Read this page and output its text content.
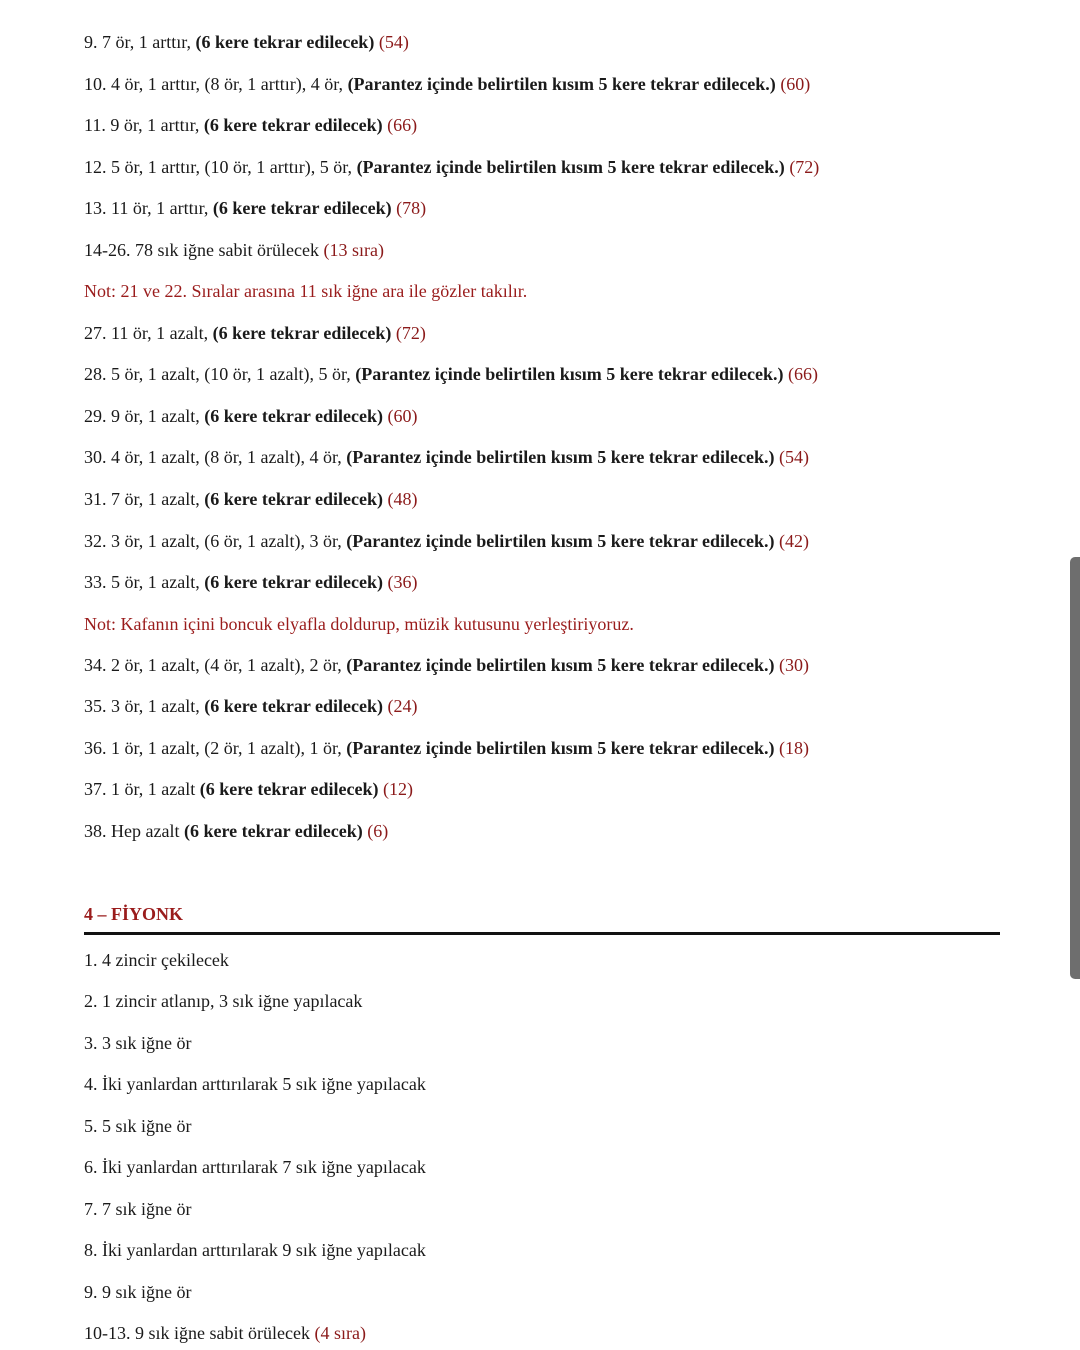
9. 7 ör, 1 arttır, (6 kere tekrar edilecek) (54)
10. 4 ör, 1 arttır, (8 ör, 1 arttır), 4 ör, (Parantez içinde belirtilen kısım 5 kere tekrar edilecek.) (60)
11. 9 ör, 1 arttır, (6 kere tekrar edilecek) (66)
12. 5 ör, 1 arttır, (10 ör, 1 arttır), 5 ör, (Parantez içinde belirtilen kısım 5 kere tekrar edilecek.) (72)
13. 11 ör, 1 arttır, (6 kere tekrar edilecek) (78)
14-26. 78 sık iğne sabit örülecek (13 sıra)
Not: 21 ve 22. Sıralar arasına 11 sık iğne ara ile gözler takılır.
27. 11 ör, 1 azalt, (6 kere tekrar edilecek) (72)
28. 5 ör, 1 azalt, (10 ör, 1 azalt), 5 ör, (Parantez içinde belirtilen kısım 5 kere tekrar edilecek.) (66)
29. 9 ör, 1 azalt, (6 kere tekrar edilecek) (60)
30. 4 ör, 1 azalt, (8 ör, 1 azalt), 4 ör, (Parantez içinde belirtilen kısım 5 kere tekrar edilecek.) (54)
31. 7 ör, 1 azalt, (6 kere tekrar edilecek) (48)
32. 3 ör, 1 azalt, (6 ör, 1 azalt), 3 ör, (Parantez içinde belirtilen kısım 5 kere tekrar edilecek.) (42)
33. 5 ör, 1 azalt, (6 kere tekrar edilecek) (36)
Not: Kafanın içini boncuk elyafla doldurup, müzik kutusunu yerleştiriyoruz.
34. 2 ör, 1 azalt, (4 ör, 1 azalt), 2 ör, (Parantez içinde belirtilen kısım 5 kere tekrar edilecek.) (30)
35. 3 ör, 1 azalt, (6 kere tekrar edilecek) (24)
36. 1 ör, 1 azalt, (2 ör, 1 azalt), 1 ör, (Parantez içinde belirtilen kısım 5 kere tekrar edilecek.) (18)
37. 1 ör, 1 azalt (6 kere tekrar edilecek) (12)
38. Hep azalt (6 kere tekrar edilecek) (6)
4 – FİYONK
1. 4 zincir çekilecek
2. 1 zincir atlanıp, 3 sık iğne yapılacak
3. 3 sık iğne ör
4. İki yanlardan arttırılarak 5 sık iğne yapılacak
5. 5 sık iğne ör
6. İki yanlardan arttırılarak 7 sık iğne yapılacak
7. 7 sık iğne ör
8. İki yanlardan arttırılarak 9 sık iğne yapılacak
9. 9 sık iğne ör
10-13. 9 sık iğne sabit örülecek (4 sıra)
